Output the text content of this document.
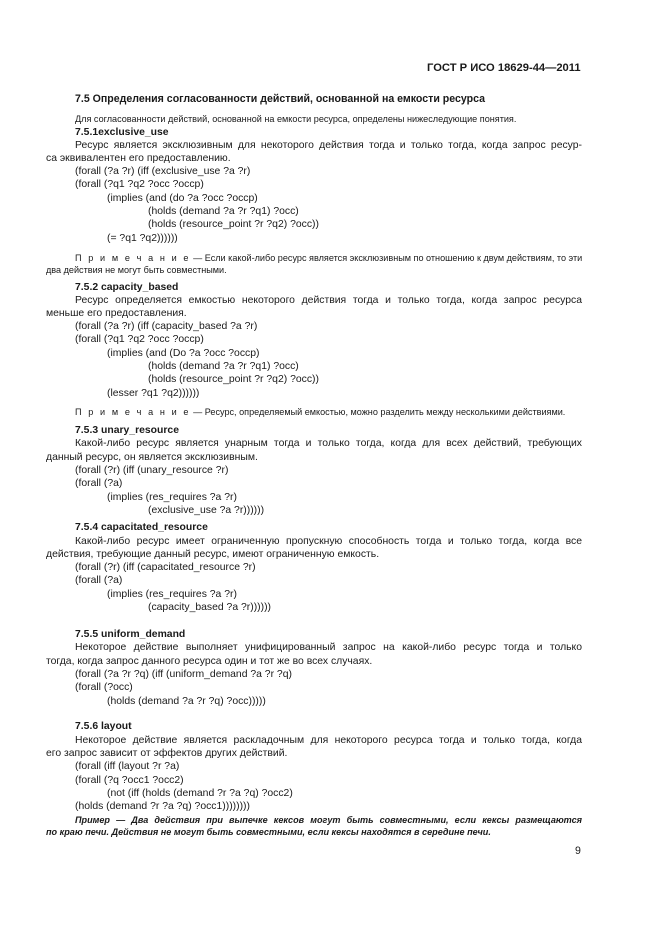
ГОСТ Р ИСО 18629-44—2011
7.5 Определения согласованности действий, основанной на емкости ресурса
Для согласованности действий, основанной на емкости ресурса, определены нижеследующие понятия.
7.5.1exclusive_use
Ресурс является эксклюзивным для некоторого действия тогда и только тогда, когда запрос ресур-
са эквивалентен его предоставлению.
(forall (?a ?r) (iff (exclusive_use ?a ?r)
(forall (?q1 ?q2 ?occ ?occp)
(implies (and (do ?a ?occ ?occp)
(holds (demand ?a ?r ?q1) ?occ)
(holds (resource_point ?r ?q2) ?occ))
(= ?q1 ?q2))))))
П р и м е ч а н и е — Если какой-либо ресурс является эксклюзивным по отношению к двум действиям, то эти
два действия не могут быть совместными.
7.5.2 capacity_based
Ресурс определяется емкостью некоторого действия тогда и только тогда, когда запрос ресурса
меньше его предоставления.
(forall (?a ?r) (iff (capacity_based ?a ?r)
(forall (?q1 ?q2 ?occ ?occp)
(implies (and (Do ?a ?occ ?occp)
(holds (demand ?a ?r ?q1) ?occ)
(holds (resource_point ?r ?q2) ?occ))
(lesser ?q1 ?q2))))))
П р и м е ч а н и е — Ресурс, определяемый емкостью, можно разделить между несколькими действиями.
7.5.3 unary_resource
Какой-либо ресурс является унарным тогда и только тогда, когда для всех действий, требующих
данный ресурс, он является эксклюзивным.
(forall (?r) (iff (unary_resource ?r)
(forall (?a)
(implies (res_requires ?a ?r)
(exclusive_use ?a ?r))))))
7.5.4 capacitated_resource
Какой-либо ресурс имеет ограниченную пропускную способность тогда и только тогда, когда все
действия, требующие данный ресурс, имеют ограниченную емкость.
(forall (?r) (iff (capacitated_resource ?r)
(forall (?a)
(implies (res_requires ?a ?r)
(capacity_based ?a ?r))))))
7.5.5 uniform_demand
Некоторое действие выполняет унифицированный запрос на какой-либо ресурс тогда и только
тогда, когда запрос данного ресурса один и тот же во всех случаях.
(forall (?a ?r ?q) (iff (uniform_demand ?a ?r ?q)
(forall (?occ)
(holds (demand ?a ?r ?q) ?occ)))))
7.5.6 layout
Некоторое действие является раскладочным для некоторого ресурса тогда и только тогда, когда
его запрос зависит от эффектов других действий.
(forall (iff (layout ?r ?a)
(forall (?q ?occ1 ?occ2)
(not (iff (holds (demand ?r ?a ?q) ?occ2)
(holds (demand ?r ?a ?q) ?occ1))))))))
Пример — Два действия при выпечке кексов могут быть совместными, если кексы размещаются
по краю печи. Действия не могут быть совместными, если кексы находятся в середине печи.
9
